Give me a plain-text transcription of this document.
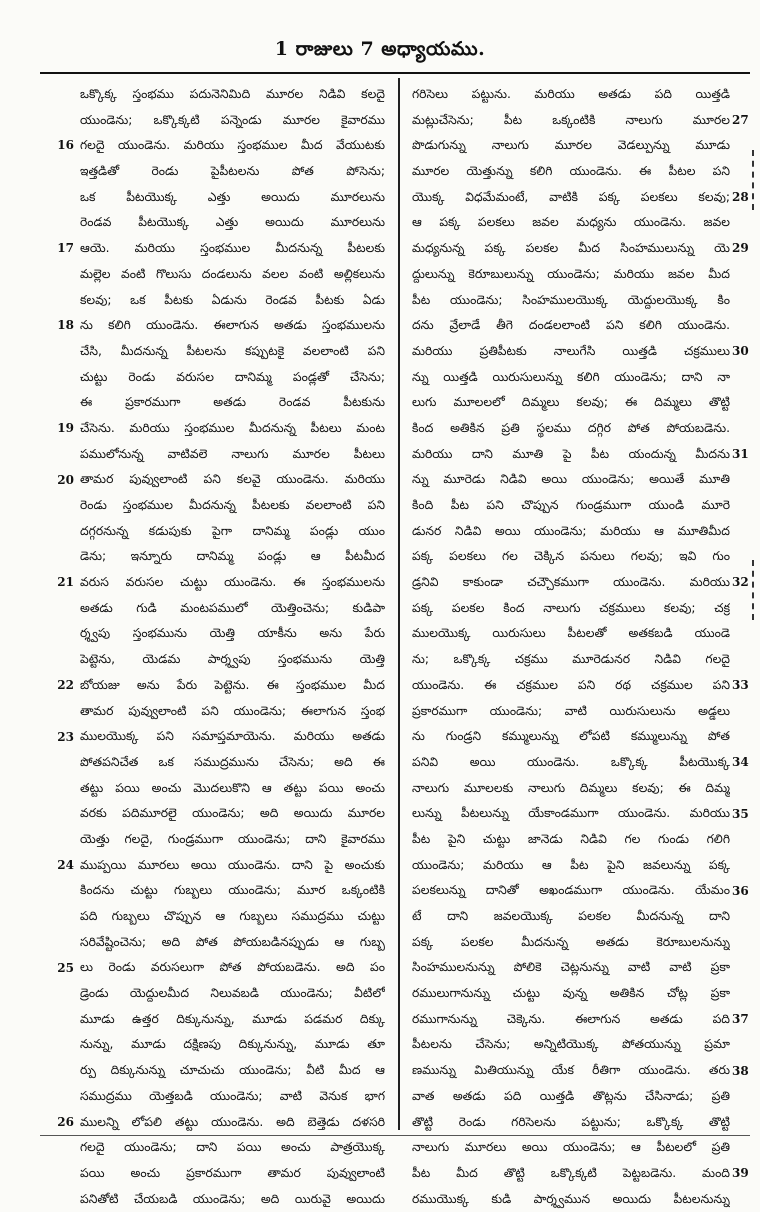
1 రాజులు 7 అధ్యాయము.
ఒక్కొక్క స్తంభము పదునెనిమిది మూరల నిడివి కలదై
యుండెను; ఒక్కొక్కటి పన్నెండు మూరల కైవారము
గలదై యుండెను. మరియు స్తంభముల మీద వేయుటకు
16
ఇత్తడితో రెండు పైపీటలను పోత పోసెను;
ఒక పీటయొక్క ఎత్తు అయిదు మూరలును
రెండవ పీటయొక్క ఎత్తు అయిదు మూరలును
ఆయె. మరియు స్తంభముల మీదనున్న పీటలకు
17
మల్లెల వంటి గొలుసు దండలును వలల వంటి అల్లికలును
కలవు; ఒక పీటకు ఏడును రెండవ పీటకు ఏడు
ను కలిగి యుండెను. ఈలాగున అతడు స్తంభములను
18
చేసి, మీదనున్న పీటలను కప్పుటకై వలలాంటి పని
చుట్టు రెండు వరుసల దానిమ్మ పండ్లతో చేసెను;
ఈ ప్రకారముగా అతడు రెండవ పీటకును
చేసెను. మరియు స్తంభముల మీదనున్న పీటలు మంట
19
పములోనున్న వాటివలె నాలుగు మూరల పీటలు
తామర పువ్వులాంటి పని కలవై యుండెను. మరియు
20
రెండు స్తంభముల మీదనున్న పీటలకు వలలాంటి పని
దగ్గరనున్న కడుపుకు పైగా దానిమ్మ పండ్లు యుం
డెను; ఇన్నూరు దానిమ్మ పండ్లు ఆ పీటమీద
వరుస వరుసల చుట్టు యుండెను. ఈ స్తంభములను
21
అతడు గుడి మంటపములో యెత్తించెను; కుడిపా
ర్శ్వపు స్తంభమును యెత్తి యాకీను అను పేరు
పెట్టెను, యెడమ పార్శ్వపు స్తంభమును యెత్తి
బోయజు అను పేరు పెట్టెను. ఈ స్తంభముల మీద
22
తామర పువ్వులాంటి పని యుండెను; ఈలాగున స్తంభ
ములయొక్క పని సమాప్తమాయెను. మరియు అతడు
23
పోతపనిచేత ఒక సముద్రమును చేసెను; అది ఈ
తట్టు పయి అంచు మొదలుకొని ఆ తట్టు పయి అంచు
వరకు పదిమూరలై యుండెను; అది అయిదు మూరల
యెత్తు గలదై, గుండ్రముగా యుండెను; దాని కైవారము
ముప్పయి మూరలు అయి యుండెను. దాని పై అంచుకు
24
కిందను చుట్టు గుబ్బలు యుండెను; మూర ఒక్కంటికి
పది గుబ్బలు చొప్పున ఆ గుబ్బలు సముద్రము చుట్టు
సరివేష్టించెను; అది పోత పోయబడినప్పుడు ఆ గుబ్బ
లు రెండు వరుసలుగా పోత పోయబడెను. అది పం
25
డ్రెండు యెద్దులమీద నిలువబడి యుండెను; వీటిలో
మూడు ఉత్తర దిక్కునున్ను, మూడు పడమర దిక్కు
నున్ను, మూడు దక్షిణపు దిక్కునున్ను, మూడు తూ
ర్పు దిక్కునున్ను చూచుచు యుండెను; వీటి మీద ఆ
సముద్రము యెత్తబడి యుండెను; వాటి వెనుక భాగ
ములన్ని లోపలి తట్టు యుండెను. అది బెత్తెడు దళసరి
26
గలదై యుండెను; దాని పయి అంచు పాత్రయొక్క
పయి అంచు ప్రకారముగా తామర పువ్వులాంటి
పనితోటి చేయబడి యుండెను; అది యిరువై అయిదు
గరిసెలు పట్టును. మరియు అతడు పది యిత్తడి
మట్లుచేసెను; పీట ఒక్కంటికి నాలుగు మూరల 27
పొడుగున్ను నాలుగు మూరల వెడల్పున్ను మూడు
మూరల యెత్తున్ను కలిగి యుండెను. ఈ పీటల పని
యొక్క విధమేమంటే, వాటికి పక్క పలకలు కలవు; 28
ఆ పక్క పలకలు జవల మధ్యను యుండెను. జవల
మధ్యనున్న పక్క పలకల మీద సింహములున్ను యె 29
ద్దులున్ను కెరూబులున్ను యుండెను; మరియు జవల మీద
పీట యుండెను; సింహములయొక్క యెద్దులయొక్క కిం
దను వ్రేలాడే తీగె దండలలాంటి పని కలిగి యుండెను.
మరియు ప్రతిపీటకు నాలుగేసి యిత్తడి చక్రములు 30
న్ను యిత్తడి యిరుసులున్ను కలిగి యుండెను; దాని నా
లుగు మూలలలో దిమ్మలు కలవు; ఈ దిమ్మలు తొట్టి
కింద అతికిన ప్రతి స్థలము దగ్గిర పోత పోయబడెను.
మరియు దాని మూతి పై పీట యందున్న మీదను 31
న్ను మూరెడు నిడివి అయి యుండెను; అయితే మూతి
కింది పీట పని చొప్పున గుండ్రముగా యుండి మూరె
డునర నిడివి అయి యుండెను; మరియు ఆ మూతిమీద
పక్క పలకలు గల చెక్కిన పనులు గలవు; ఇవి గుం
డ్రనివి కాకుండా చచ్చౌకముగా యుండెను. మరియు 32
పక్క పలకల కింద నాలుగు చక్రములు కలవు; చక్ర
ములయొక్క యిరుసులు పీటలతో అతకబడి యుండె
ను; ఒక్కొక్క చక్రము మూరెడునర నిడివి గలదై
యుండెను. ఈ చక్రముల పని రథ చక్రముల పని 33
ప్రకారముగా యుండెను; వాటి యిరుసులును అడ్డలు
ను గుండ్రని కమ్ములున్ను లోపటి కమ్ములున్ను పోత
పనివి అయి యుండెను. ఒక్కొక్క పీటయొక్క 34
నాలుగు మూలలకు నాలుగు దిమ్మలు కలవు; ఈ దిమ్మ
లున్ను పీటలున్ను యేకాండముగా యుండెను. మరియు 35
పీట పైని చుట్టు జానెడు నిడివి గల గుండు గలిగి
యుండెను; మరియు ఆ పీట పైని జవలున్ను పక్క
పలకలున్ను దానితో అఖండముగా యుండెను. యేమం 36
టే దాని జవలయొక్క పలకల మీదనున్న దాని
పక్క పలకల మీదనున్న అతడు కెరూబులనున్ను
సింహములనున్ను పోలికె చెట్లనున్ను వాటి వాటి ప్రకా
రములుగానున్ను చుట్టు వున్న అతికిన చోట్ల ప్రకా
రముగానున్ను చెక్కెను. ఈలాగున అతడు పది 37
పీటలను చేసెను; అన్నిటియొక్క పోతయున్ను ప్రమా
ణమున్ను మితియున్ను యేక రీతిగా యుండెను. తరు 38
వాత అతడు పది యిత్తడి తొట్లను చేసినాడు; ప్రతి
తొట్టి రెండు గరిసెలను పట్టును; ఒక్కొక్క తొట్టి
నాలుగు మూరలు అయి యుండెను; ఆ పీటలలో ప్రతి
పీట మీద తొట్టి ఒక్కొక్కటి పెట్టబడెను. మంది 39
రముయొక్క కుడి పార్శ్వమున అయిదు పీటలనున్ను
